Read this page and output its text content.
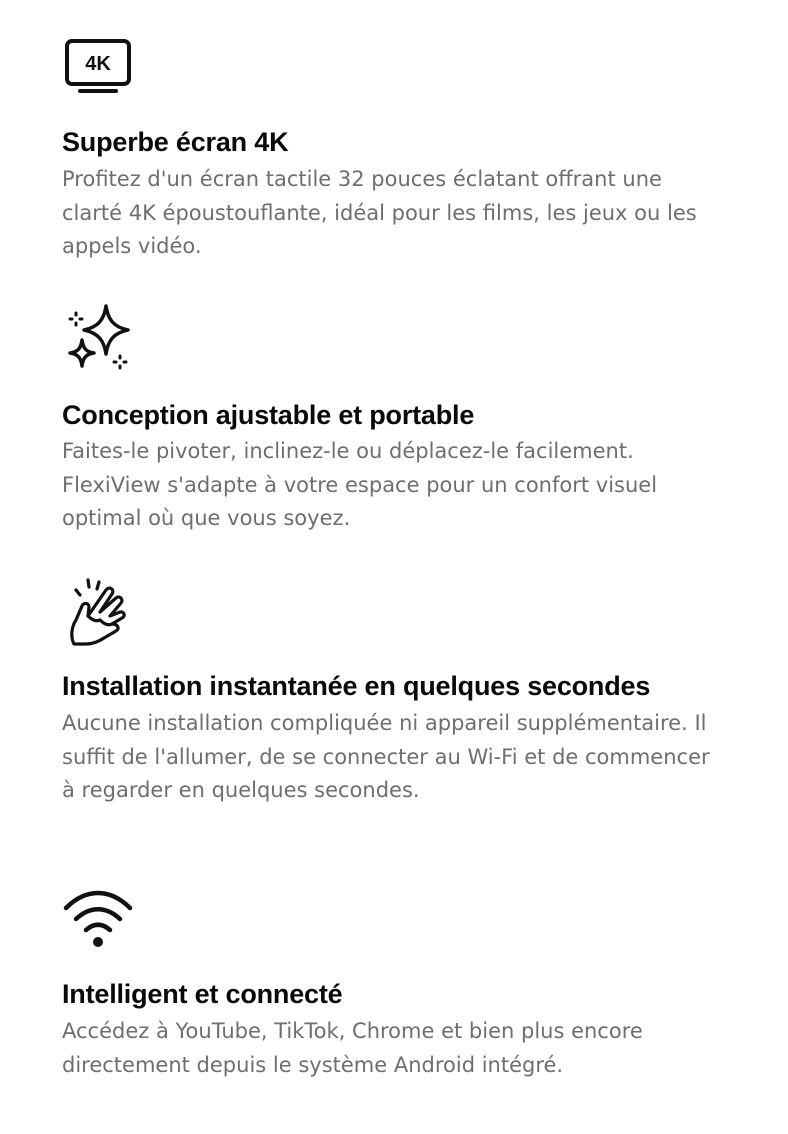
4K
Superbe écran 4K

Profitez d'un écran tactile 32 pouces éclatant offrant une clarté 4K époustouflante, idéal pour les films, les jeux ou les appels vidéo.

Conception ajustable et portable

Faites-le pivoter, inclinez-le ou déplacez-le facilement. FlexiView s'adapte à votre espace pour un confort visuel optimal où que vous soyez.

Installation instantanée en quelques secondes

Aucune installation compliquée ni appareil supplémentaire. Il suffit de l'allumer, de se connecter au Wi-Fi et de commencer à regarder en quelques secondes.

Intelligent et connecté

Accédez à YouTube, TikTok, Chrome et bien plus encore directement depuis le système Android intégré.
